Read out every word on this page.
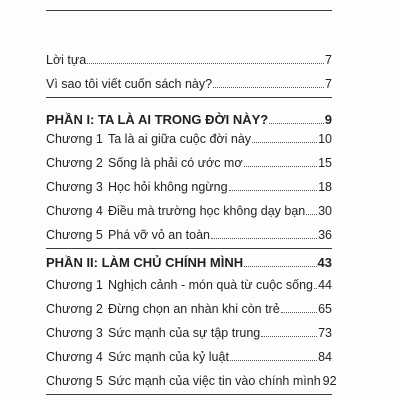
Lời tựa	7
Vì sao tôi viết cuốn sách này?	7
PHẦN I: TA LÀ AI TRONG ĐỜI NÀY?	9
Chương 1 Ta là ai giữa cuộc đời này	10
Chương 2 Sống là phải có ước mơ	15
Chương 3 Học hỏi không ngừng	18
Chương 4 Điều mà trường học không dạy bạn 30
Chương 5 Phá vỡ vỏ an toàn	36
PHẦN II: LÀM CHỦ CHÍNH MÌNH	43
Chương 1 Nghịch cảnh - món quà từ cuộc sống 44
Chương 2 Đừng chọn an nhàn khi còn trẻ	65
Chương 3 Sức mạnh của sự tập trung	73
Chương 4 Sức mạnh của kỷ luật	84
Chương 5 Sức mạnh của việc tin vào chính mình 92
